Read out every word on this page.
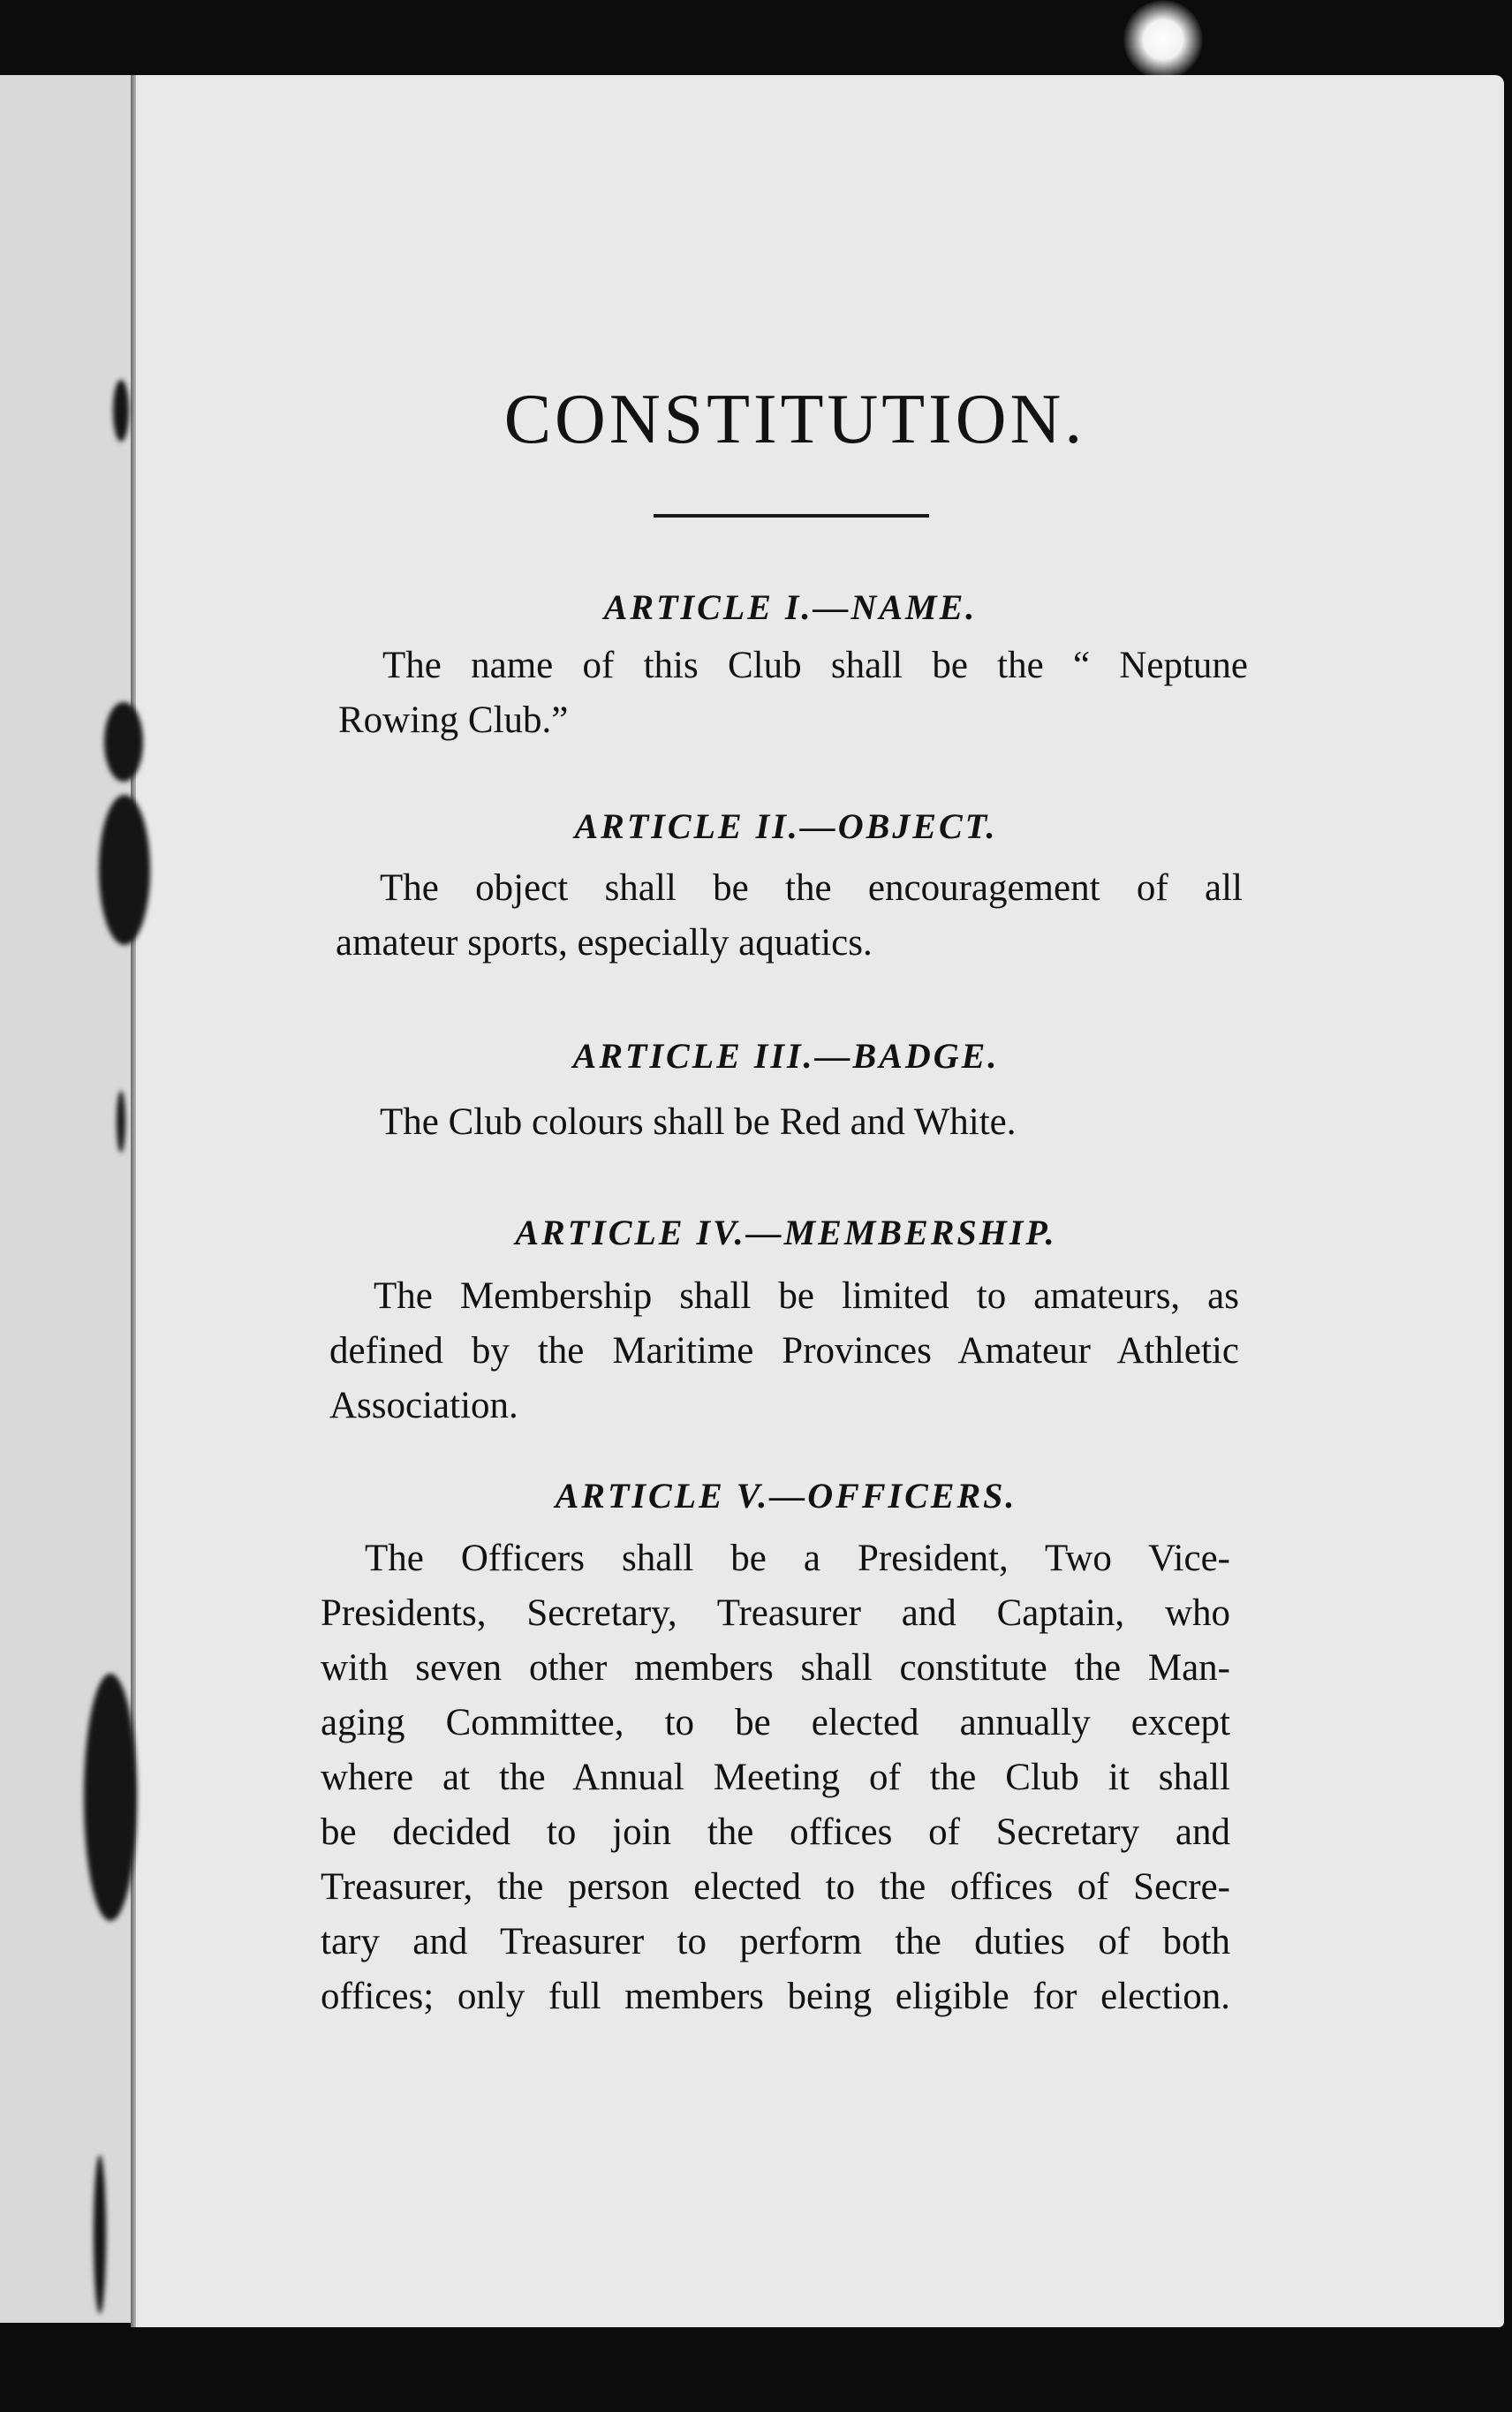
CONSTITUTION.
ARTICLE I.—NAME.
The name of this Club shall be the “ Neptune
Rowing Club.”
ARTICLE II.—OBJECT.
The object shall be the encouragement of all
amateur sports, especially aquatics.
ARTICLE III.—BADGE.
The Club colours shall be Red and White.
ARTICLE IV.—MEMBERSHIP.
The Membership shall be limited to amateurs, as
defined by the Maritime Provinces Amateur Athletic
Association.
ARTICLE V.—OFFICERS.
The Officers shall be a President, Two Vice-
Presidents, Secretary, Treasurer and Captain, who
with seven other members shall constitute the Man-
aging Committee, to be elected annually except
where at the Annual Meeting of the Club it shall
be decided to join the offices of Secretary and
Treasurer, the person elected to the offices of Secre-
tary and Treasurer to perform the duties of both
offices; only full members being eligible for election.
